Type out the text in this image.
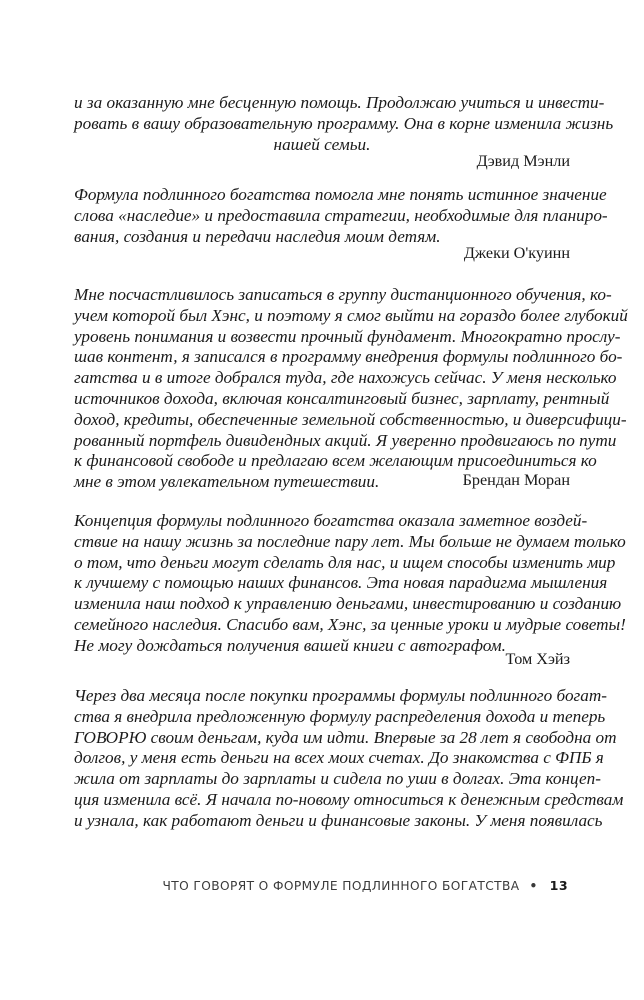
и за оказанную мне бесценную помощь. Продолжаю учиться и инвести-
ровать в вашу образовательную программу. Она в корне изменила жизнь
нашей семьи.
Дэвид Мэнли
Формула подлинного богатства помогла мне понять истинное значение
слова «наследие» и предоставила стратегии, необходимые для планиро-
вания, создания и передачи наследия моим детям.
Джеки О'куинн
Мне посчастливилось записаться в группу дистанционного обучения, ко-
учем которой был Хэнс, и поэтому я смог выйти на гораздо более глубокий
уровень понимания и возвести прочный фундамент. Многократно прослу-
шав контент, я записался в программу внедрения формулы подлинного бо-
гатства и в итоге добрался туда, где нахожусь сейчас. У меня несколько
источников дохода, включая консалтинговый бизнес, зарплату, рентный
доход, кредиты, обеспеченные земельной собственностью, и диверсифици-
рованный портфель дивидендных акций. Я уверенно продвигаюсь по пути
к финансовой свободе и предлагаю всем желающим присоединиться ко
мне в этом увлекательном путешествии.	Брендан Моран
Концепция формулы подлинного богатства оказала заметное воздей-
ствие на нашу жизнь за последние пару лет. Мы больше не думаем только
о том, что деньги могут сделать для нас, и ищем способы изменить мир
к лучшему с помощью наших финансов. Эта новая парадигма мышления
изменила наш подход к управлению деньгами, инвестированию и созданию
семейного наследия. Спасибо вам, Хэнс, за ценные уроки и мудрые советы!
Не могу дождаться получения вашей книги с автографом.
Том Хэйз
Через два месяца после покупки программы формулы подлинного богат-
ства я внедрила предложенную формулу распределения дохода и теперь
ГОВОРЮ своим деньгам, куда им идти. Впервые за 28 лет я свободна от
долгов, у меня есть деньги на всех моих счетах. До знакомства с ФПБ я
жила от зарплаты до зарплаты и сидела по уши в долгах. Эта концеп-
ция изменила всё. Я начала по-новому относиться к денежным средствам
и узнала, как работают деньги и финансовые законы. У меня появилась
ЧТО ГОВОРЯТ О ФОРМУЛЕ ПОДЛИННОГО БОГАТСТВА • 13
